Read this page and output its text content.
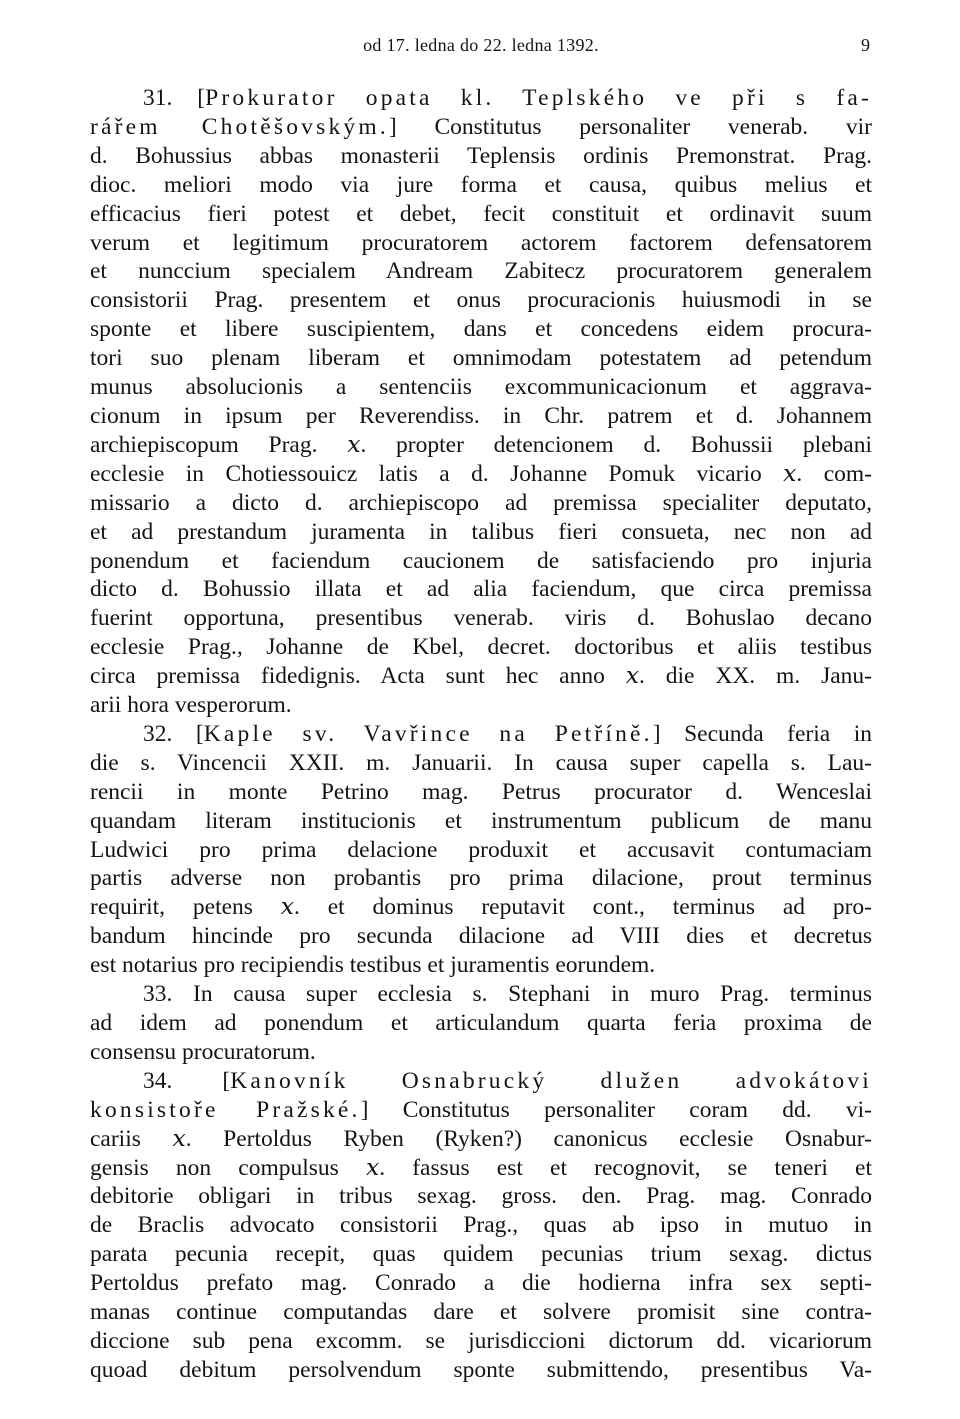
od 17. ledna do 22. ledna 1392.	9
31. [Prokurator opata kl. Teplského ve při s fa-
rářem Chotěšovským.] Constitutus personaliter venerab. vir
d. Bohussius abbas monasterii Teplensis ordinis Premonstrat. Prag.
dioc. meliori modo via jure forma et causa, quibus melius et
efficacius fieri potest et debet, fecit constituit et ordinavit suum
verum et legitimum procuratorem actorem factorem defensatorem
et nunccium specialem Andream Zabitecz procuratorem generalem
consistorii Prag. presentem et onus procuracionis huiusmodi in se
sponte et libere suscipientem, dans et concedens eidem procura-
tori suo plenam liberam et omnimodam potestatem ad petendum
munus absolucionis a sentenciis excommunicacionum et aggrava-
cionum in ipsum per Reverendiss. in Chr. patrem et d. Johannem
archiepiscopum Prag. 𝑥. propter detencionem d. Bohussii plebani
ecclesie in Chotiessouicz latis a d. Johanne Pomuk vicario 𝑥. com-
missario a dicto d. archiepiscopo ad premissa specialiter deputato,
et ad prestandum juramenta in talibus fieri consueta, nec non ad
ponendum et faciendum caucionem de satisfaciendo pro injuria
dicto d. Bohussio illata et ad alia faciendum, que circa premissa
fuerint opportuna, presentibus venerab. viris d. Bohuslao decano
ecclesie Prag., Johanne de Kbel, decret. doctoribus et aliis testibus
circa premissa fidedignis. Acta sunt hec anno 𝑥. die XX. m. Janu-
arii hora vesperorum.
32. [Kaple sv. Vavřince na Petříně.] Secunda feria in
die s. Vincencii XXII. m. Januarii. In causa super capella s. Lau-
rencii in monte Petrino mag. Petrus procurator d. Wenceslai
quandam literam institucionis et instrumentum publicum de manu
Ludwici pro prima delacione produxit et accusavit contumaciam
partis adverse non probantis pro prima dilacione, prout terminus
requirit, petens 𝑥. et dominus reputavit cont., terminus ad pro-
bandum hincinde pro secunda dilacione ad VIII dies et decretus
est notarius pro recipiendis testibus et juramentis eorundem.
33. In causa super ecclesia s. Stephani in muro Prag. terminus
ad idem ad ponendum et articulandum quarta feria proxima de
consensu procuratorum.
34. [Kanovník Osnabrucký dlužen advokátovi
konsistoře Pražské.] Constitutus personaliter coram dd. vi-
cariis 𝑥. Pertoldus Ryben (Ryken?) canonicus ecclesie Osnabur-
gensis non compulsus 𝑥. fassus est et recognovit, se teneri et
debitorie obligari in tribus sexag. gross. den. Prag. mag. Conrado
de Braclis advocato consistorii Prag., quas ab ipso in mutuo in
parata pecunia recepit, quas quidem pecunias trium sexag. dictus
Pertoldus prefato mag. Conrado a die hodierna infra sex septi-
manas continue computandas dare et solvere promisit sine contra-
diccione sub pena excomm. se jurisdiccioni dictorum dd. vicariorum
quoad debitum persolvendum sponte submittendo, presentibus Va-
